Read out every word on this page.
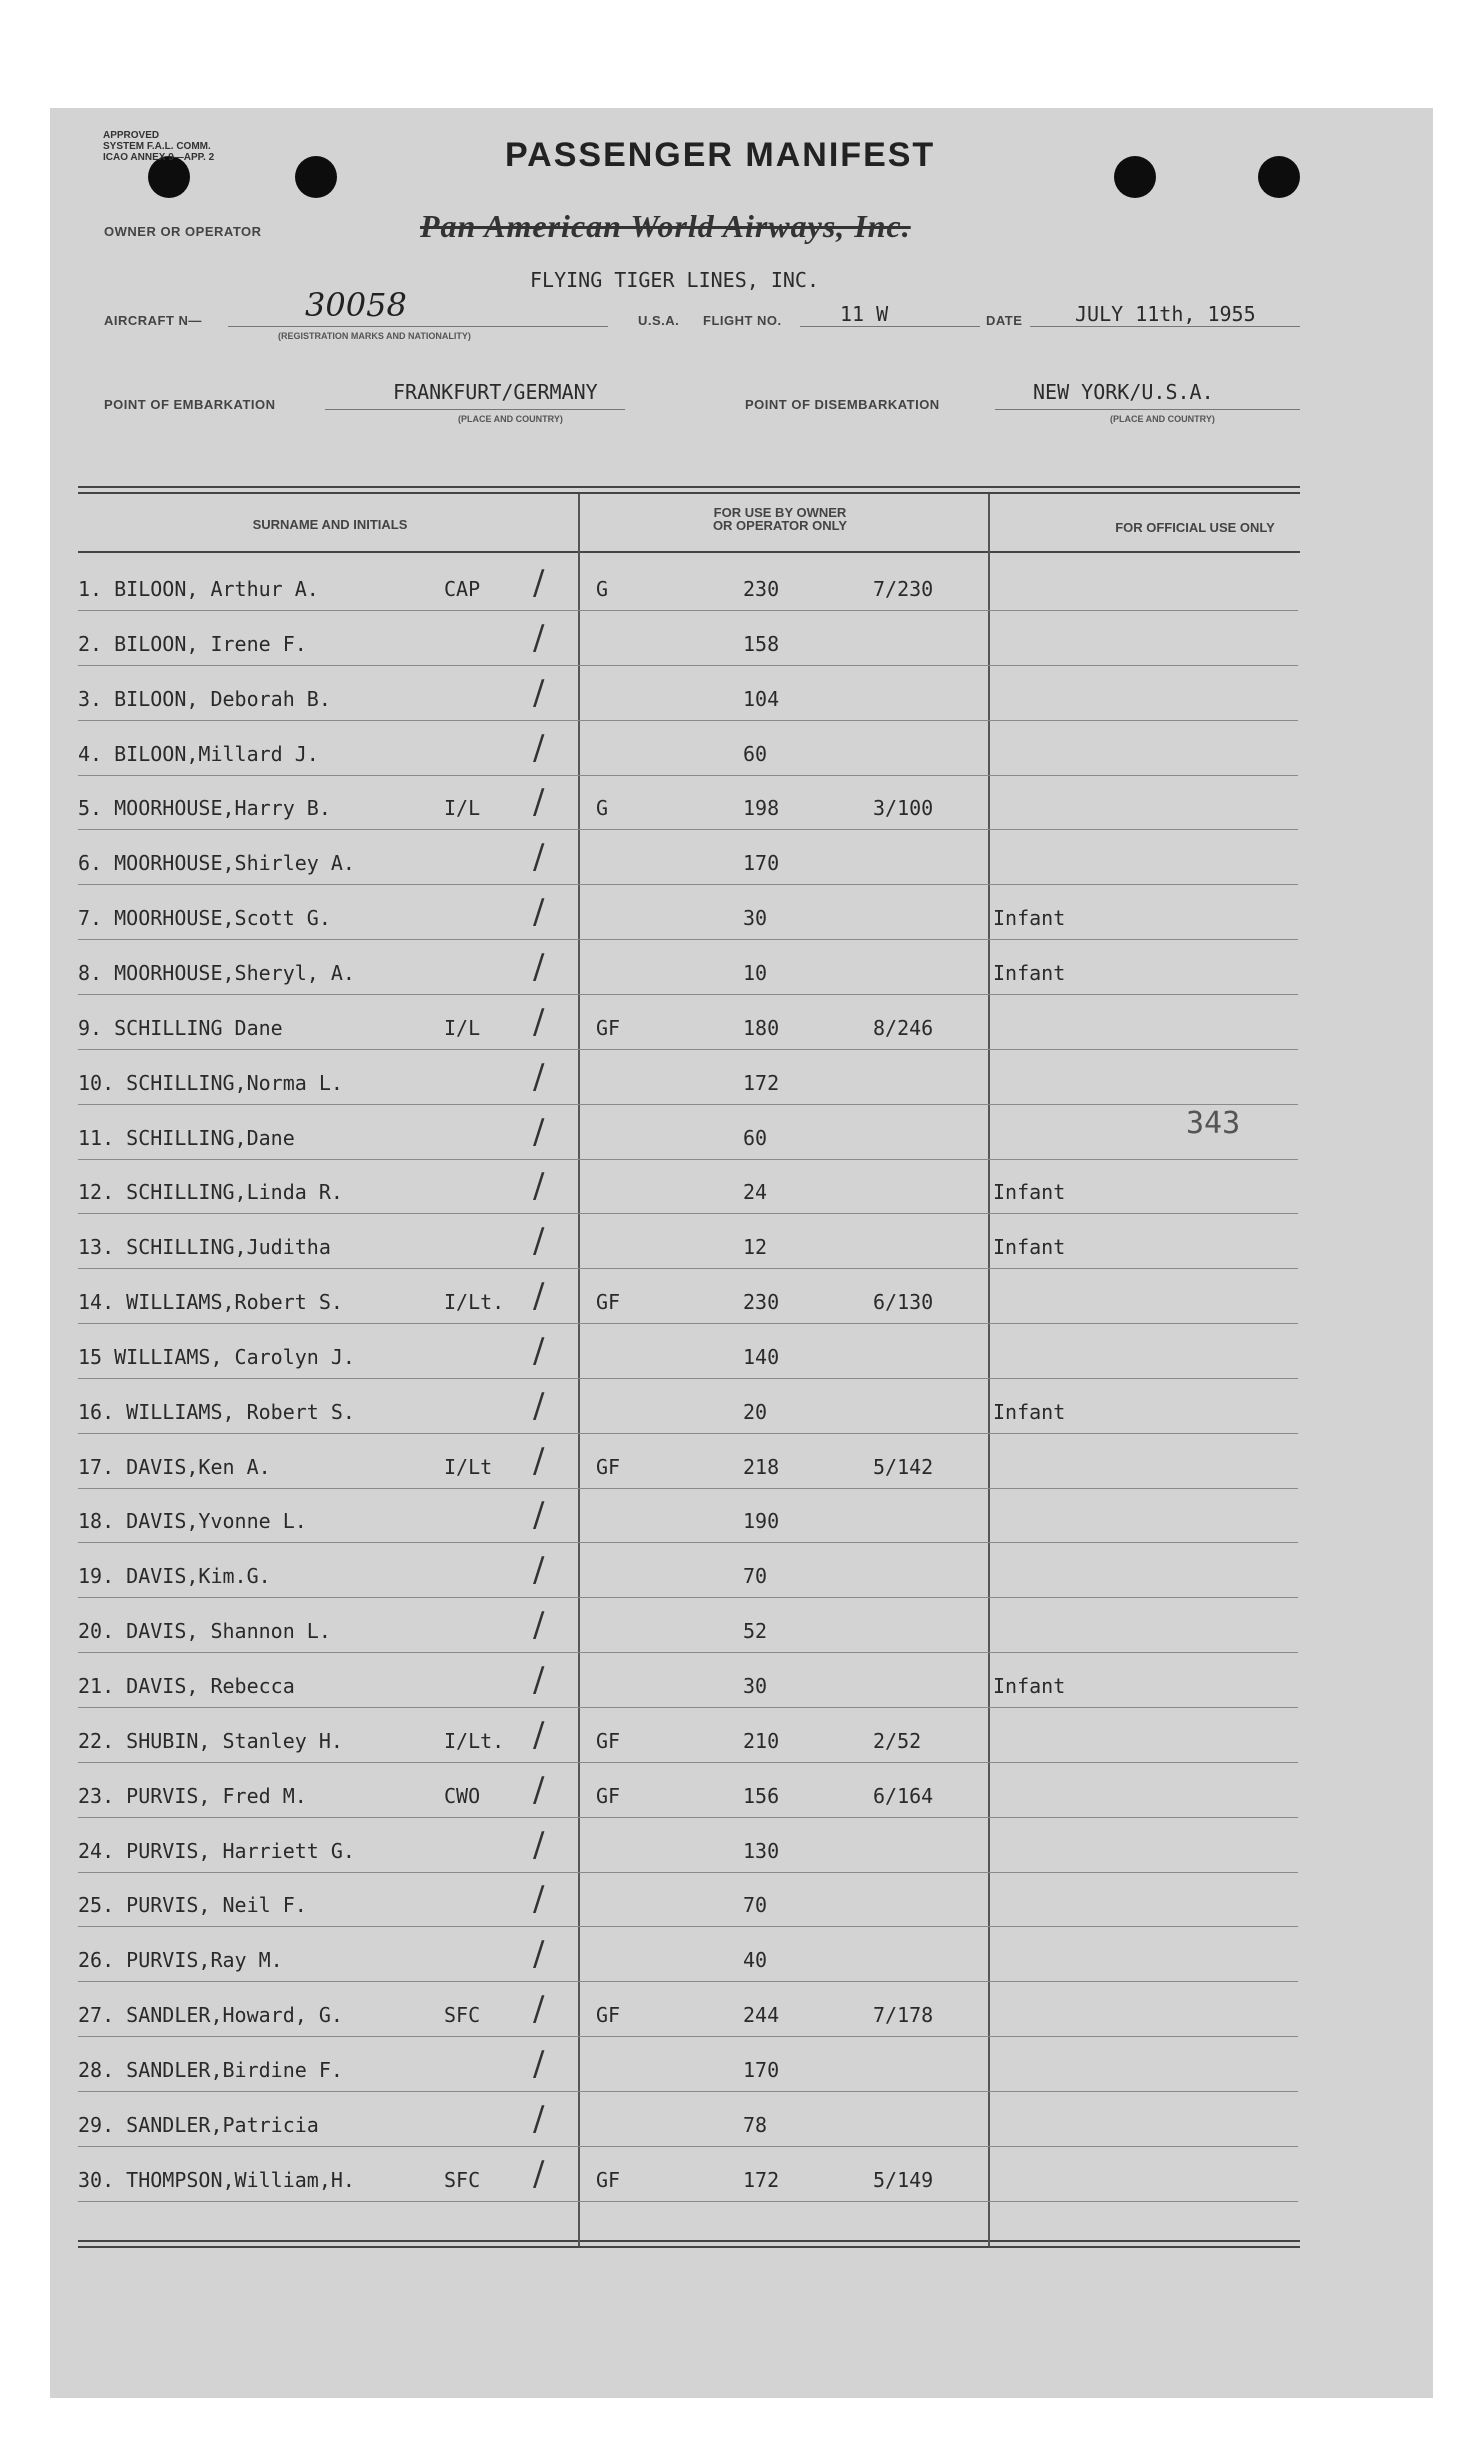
APPROVED
SYSTEM F.A.L. COMM.
ICAO ANNEX 9—APP. 2	PASSENGER MANIFEST
OWNER OR OPERATOR	Pan American World Airways, Inc.
FLYING TIGER LINES, INC.
AIRCRAFT N—	30058
(REGISTRATION MARKS AND NATIONALITY)
U.S.A. FLIGHT NO.	11 W	DATE	JULY 11th, 1955
POINT OF EMBARKATION
FRANKFURT/GERMANY
(PLACE AND COUNTRY)
POINT OF DISEMBARKATION
NEW YORK/U.S.A.
(PLACE AND COUNTRY)
SURNAME AND INITIALS
FOR USE BY OWNER
OR OPERATOR ONLY	FOR OFFICIAL USE ONLY
1. BILOON, Arthur A.	CAP /	G	230	7/230
2. BILOON, Irene F.	/	158
3. BILOON, Deborah B.	/	104
4. BILOON,Millard J.	/	60
5. MOORHOUSE,Harry B.	I/L /	G	198	3/100
6. MOORHOUSE,Shirley A.	/	170
7. MOORHOUSE,Scott G.	/	30	Infant
8. MOORHOUSE,Sheryl, A.	/	10	Infant
9. SCHILLING Dane	I/L /	GF	180	8/246
10. SCHILLING,Norma L.	/	172
11. SCHILLING,Dane	/	60
12. SCHILLING,Linda R.	/	24	Infant
13. SCHILLING,Juditha	/	12	Infant
14. WILLIAMS,Robert S.	I/Lt. /	GF	230	6/130
15 WILLIAMS, Carolyn J.	/	140
16. WILLIAMS, Robert S.	/	20	Infant
17. DAVIS,Ken A.	I/Lt /	GF	218	5/142
18. DAVIS,Yvonne L.	/	190
19. DAVIS,Kim.G.	/	70
20. DAVIS, Shannon L.	/	52
21. DAVIS, Rebecca	/	30	Infant
22. SHUBIN, Stanley H.	I/Lt. /	GF	210	2/52
23. PURVIS, Fred M.	CWO /	GF	156	6/164
24. PURVIS, Harriett G.	/	130
25. PURVIS, Neil F.	/	70
26. PURVIS,Ray M.	/	40
27. SANDLER,Howard, G.	SFC /	GF	244	7/178
28. SANDLER,Birdine F.	/	170
29. SANDLER,Patricia	/	78
30. THOMPSON,William,H.	SFC /	GF	172	5/149
343
